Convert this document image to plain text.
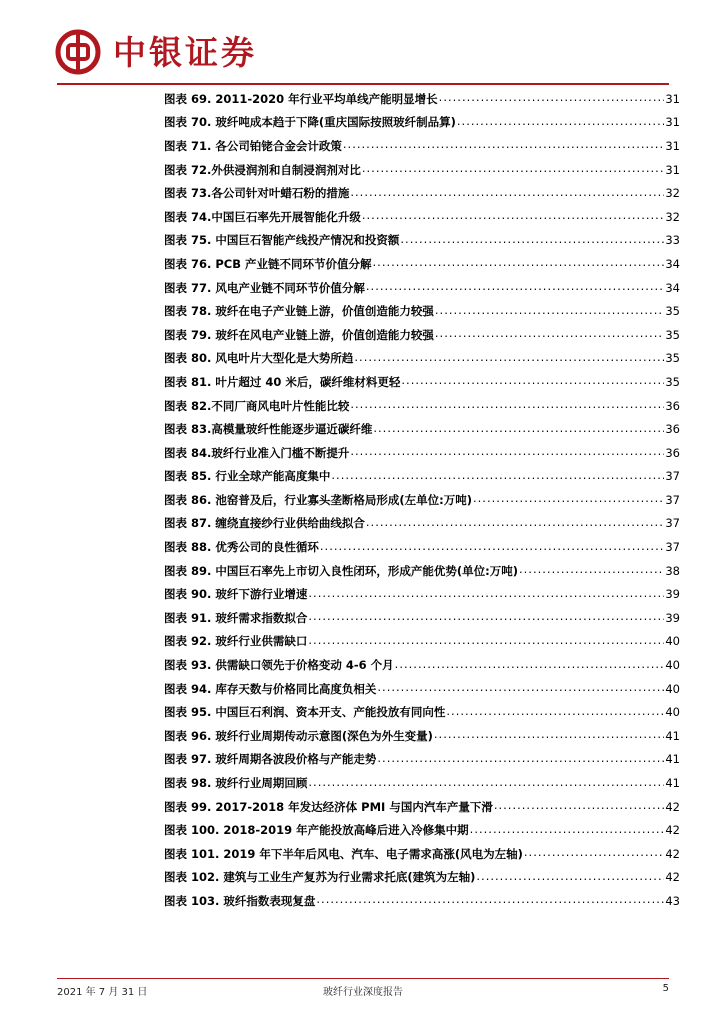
中银证券
图表 69. 2011-2020 年行业平均单线产能明显增长 .....	31
图表 70. 玻纤吨成本趋于下降(重庆国际按照玻纤制品算) .....	31
图表 71. 各公司铂铑合金会计政策 .....	31
图表 72.外供浸润剂和自制浸润剂对比 .....	31
图表 73.各公司针对叶蜡石粉的措施 .....	32
图表 74.中国巨石率先开展智能化升级 .....	32
图表 75. 中国巨石智能产线投产情况和投资额 .....	33
图表 76. PCB 产业链不同环节价值分解 .....	34
图表 77. 风电产业链不同环节价值分解 .....	34
图表 78. 玻纤在电子产业链上游，价值创造能力较强 .....	35
图表 79. 玻纤在风电产业链上游，价值创造能力较强 .....	35
图表 80. 风电叶片大型化是大势所趋 .....	35
图表 81. 叶片超过 40 米后，碳纤维材料更轻 .....	35
图表 82.不同厂商风电叶片性能比较 .....	36
图表 83.高模量玻纤性能逐步逼近碳纤维 .....	36
图表 84.玻纤行业准入门槛不断提升 .....	36
图表 85. 行业全球产能高度集中 .....	37
图表 86. 池窑普及后，行业寡头垄断格局形成(左单位:万吨) .....	37
图表 87. 缠绕直接纱行业供给曲线拟合 .....	37
图表 88. 优秀公司的良性循环 .....	37
图表 89. 中国巨石率先上市切入良性闭环，形成产能优势(单位:万吨) .....	38
图表 90. 玻纤下游行业增速 .....	39
图表 91. 玻纤需求指数拟合 .....	39
图表 92. 玻纤行业供需缺口 .....	40
图表 93. 供需缺口领先于价格变动 4-6 个月 .....	40
图表 94. 库存天数与价格同比高度负相关 .....	40
图表 95. 中国巨石利润、资本开支、产能投放有同向性 .....	40
图表 96. 玻纤行业周期传动示意图(深色为外生变量) .....	41
图表 97. 玻纤周期各波段价格与产能走势 .....	41
图表 98. 玻纤行业周期回顾 .....	41
图表 99. 2017-2018 年发达经济体 PMI 与国内汽车产量下滑 .....	42
图表 100. 2018-2019 年产能投放高峰后进入冷修集中期 .....	42
图表 101. 2019 年下半年后风电、汽车、电子需求高涨(风电为左轴) .....	42
图表 102. 建筑与工业生产复苏为行业需求托底(建筑为左轴) .....	42
图表 103. 玻纤指数表现复盘 .....	43
2021 年 7 月 31 日	玻纤行业深度报告	5
